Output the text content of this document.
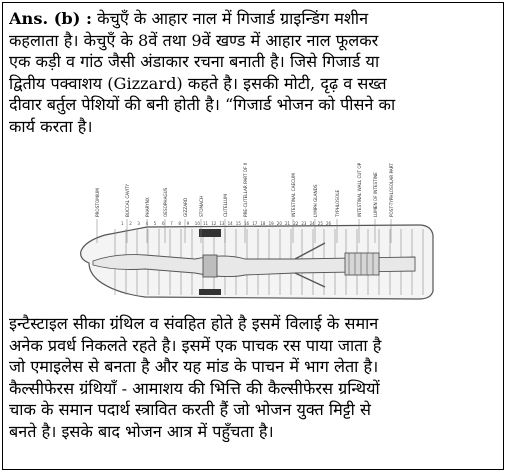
Ans. (b) : केचुएँ के आहार नाल में गिजार्ड ग्राइन्डिंग मशीन
कहलाता है। केचुएँ के 8वें तथा 9वें खण्ड में आहार नाल फूलकर
एक कड़ी व गांठ जैसी अंडाकार रचना बनाती है। जिसे गिजार्ड या
द्वितीय पक्वाशय (Gizzard) कहते है। इसकी मोटी, दृढ़ व सख्त
दीवार बर्तुल पेशियों की बनी होती है। “गिजार्ड भोजन को पीसने का
कार्य करता है।
PROSTOMIUM	BUCCAL CAVITY	PHARYNX	OESOPHAGUS	GIZZARD	STOMACH	CLITELLUM	PRE-CLITELLAR PART OF INTESTINE	INTESTINAL CAECUM	LYMPH GLANDS	TYPHLOSOLE	INTESTINAL WALL CUT OPEN	LUMEN OF INTESTINE	POST-TYPHLOSOLAR PART OF INTESTINE
1 2 3 4 5 6 7 8 9 10 11 12 13 14 15 16 17 18 19 20 21 22 23 24 25 26
इन्टैस्टाइल सीका ग्रंथिल व संवहित होते है इसमें विलाई के समान
अनेक प्रवर्ध निकलते रहते है। इसमें एक पाचक रस पाया जाता है
जो एमाइलेस से बनता है और यह मांड के पाचन में भाग लेता है।
कैल्सीफेरस ग्रंथियाँ - आमाशय की भित्ति की कैल्सीफेरस ग्रन्थियों
चाक के समान पदार्थ स्त्रावित करती हैं जो भोजन युक्त मिट्टी से
बनते है। इसके बाद भोजन आत्र में पहुँचता है।
